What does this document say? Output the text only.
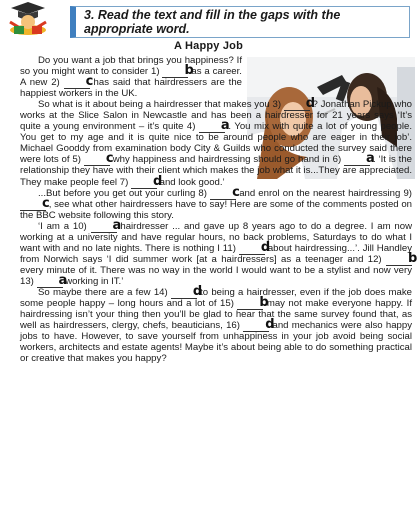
3. Read the text and fill in the gaps with the appropriate word.
A Happy Job

Do you want a job that brings you happiness? If so you might want to consider 1) b as a career. A new 2) c has said that hairdressers are the happiest workers in the UK.

So what is it about being a hairdresser that makes you 3) d ? Jonathan Pickup who works at the Slice Salon in Newcastle and has been a hairdresser for 21 years says ‘It’s quite a young environment – it’s quite 4) a . You mix with quite a lot of young people. You get to my age and it is quite nice to be around people who are eager in their job’. Michael Gooddy from examination body City & Guilds who conducted the survey said there were lots of 5) c why happiness and hairdressing should go hand in 6) a . ‘It is the relationship they have with their client which makes the job what it is...They are appreciated. They make people feel 7) d and look good.’

...But before you get out your curling 8) c and enrol on the nearest hairdressing 9) c , see what other hairdressers have to say! Here are some of the comments posted on the BBC website following this story.

‘I am a 10) a hairdresser ... and gave up 8 years ago to do a degree. I am now working at a university and have regular hours, no back problems, Saturdays to do what I want with and no late nights. There is nothing I 11) d about hairdressing...’. Jill Handley from Norwich says ‘I did summer work [at a hairdressers] as a teenager and 12) b every minute of it. There was no way in the world I would want to be a stylist and now very 13) a working in IT.’

So maybe there are a few 14) d to being a hairdresser, even if the job does make some people happy – long hours and a lot of 15) b may not make everyone happy. If hairdressing isn’t your thing then you’ll be glad to hear that the same survey found that, as well as hairdressers, clergy, chefs, beauticians, 16) d and mechanics were also happy jobs to have. However, to save yourself from unhappiness in your job avoid being social workers, architects and estate agents! Maybe it’s about being able to do something practical or creative that makes you happy?
